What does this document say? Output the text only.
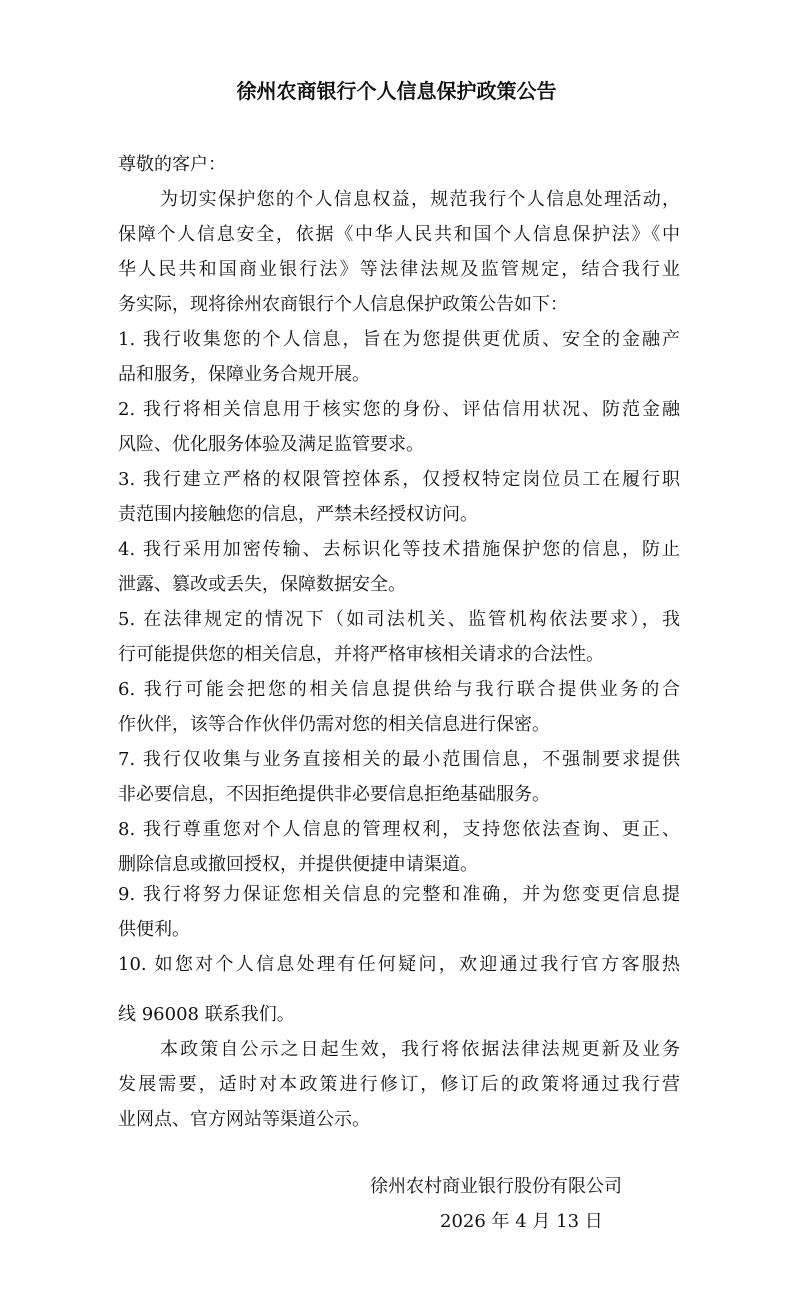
徐州农商银行个人信息保护政策公告
尊敬的客户：
为切实保护您的个人信息权益，规范我行个人信息处理活动，
保障个人信息安全，依据《中华人民共和国个人信息保护法》《中
华人民共和国商业银行法》等法律法规及监管规定，结合我行业
务实际，现将徐州农商银行个人信息保护政策公告如下：
1. 我行收集您的个人信息，旨在为您提供更优质、安全的金融产
品和服务，保障业务合规开展。
2. 我行将相关信息用于核实您的身份、评估信用状况、防范金融
风险、优化服务体验及满足监管要求。
3. 我行建立严格的权限管控体系，仅授权特定岗位员工在履行职
责范围内接触您的信息，严禁未经授权访问。
4. 我行采用加密传输、去标识化等技术措施保护您的信息，防止
泄露、篡改或丢失，保障数据安全。
5. 在法律规定的情况下（如司法机关、监管机构依法要求），我
行可能提供您的相关信息，并将严格审核相关请求的合法性。
6. 我行可能会把您的相关信息提供给与我行联合提供业务的合
作伙伴，该等合作伙伴仍需对您的相关信息进行保密。
7. 我行仅收集与业务直接相关的最小范围信息，不强制要求提供
非必要信息，不因拒绝提供非必要信息拒绝基础服务。
8. 我行尊重您对个人信息的管理权利，支持您依法查询、更正、
删除信息或撤回授权，并提供便捷申请渠道。
9. 我行将努力保证您相关信息的完整和准确，并为您变更信息提
供便利。
10. 如您对个人信息处理有任何疑问，欢迎通过我行官方客服热
线 96008 联系我们。
本政策自公示之日起生效，我行将依据法律法规更新及业务
发展需要，适时对本政策进行修订，修订后的政策将通过我行营
业网点、官方网站等渠道公示。
徐州农村商业银行股份有限公司
2026 年 4 月 13 日
